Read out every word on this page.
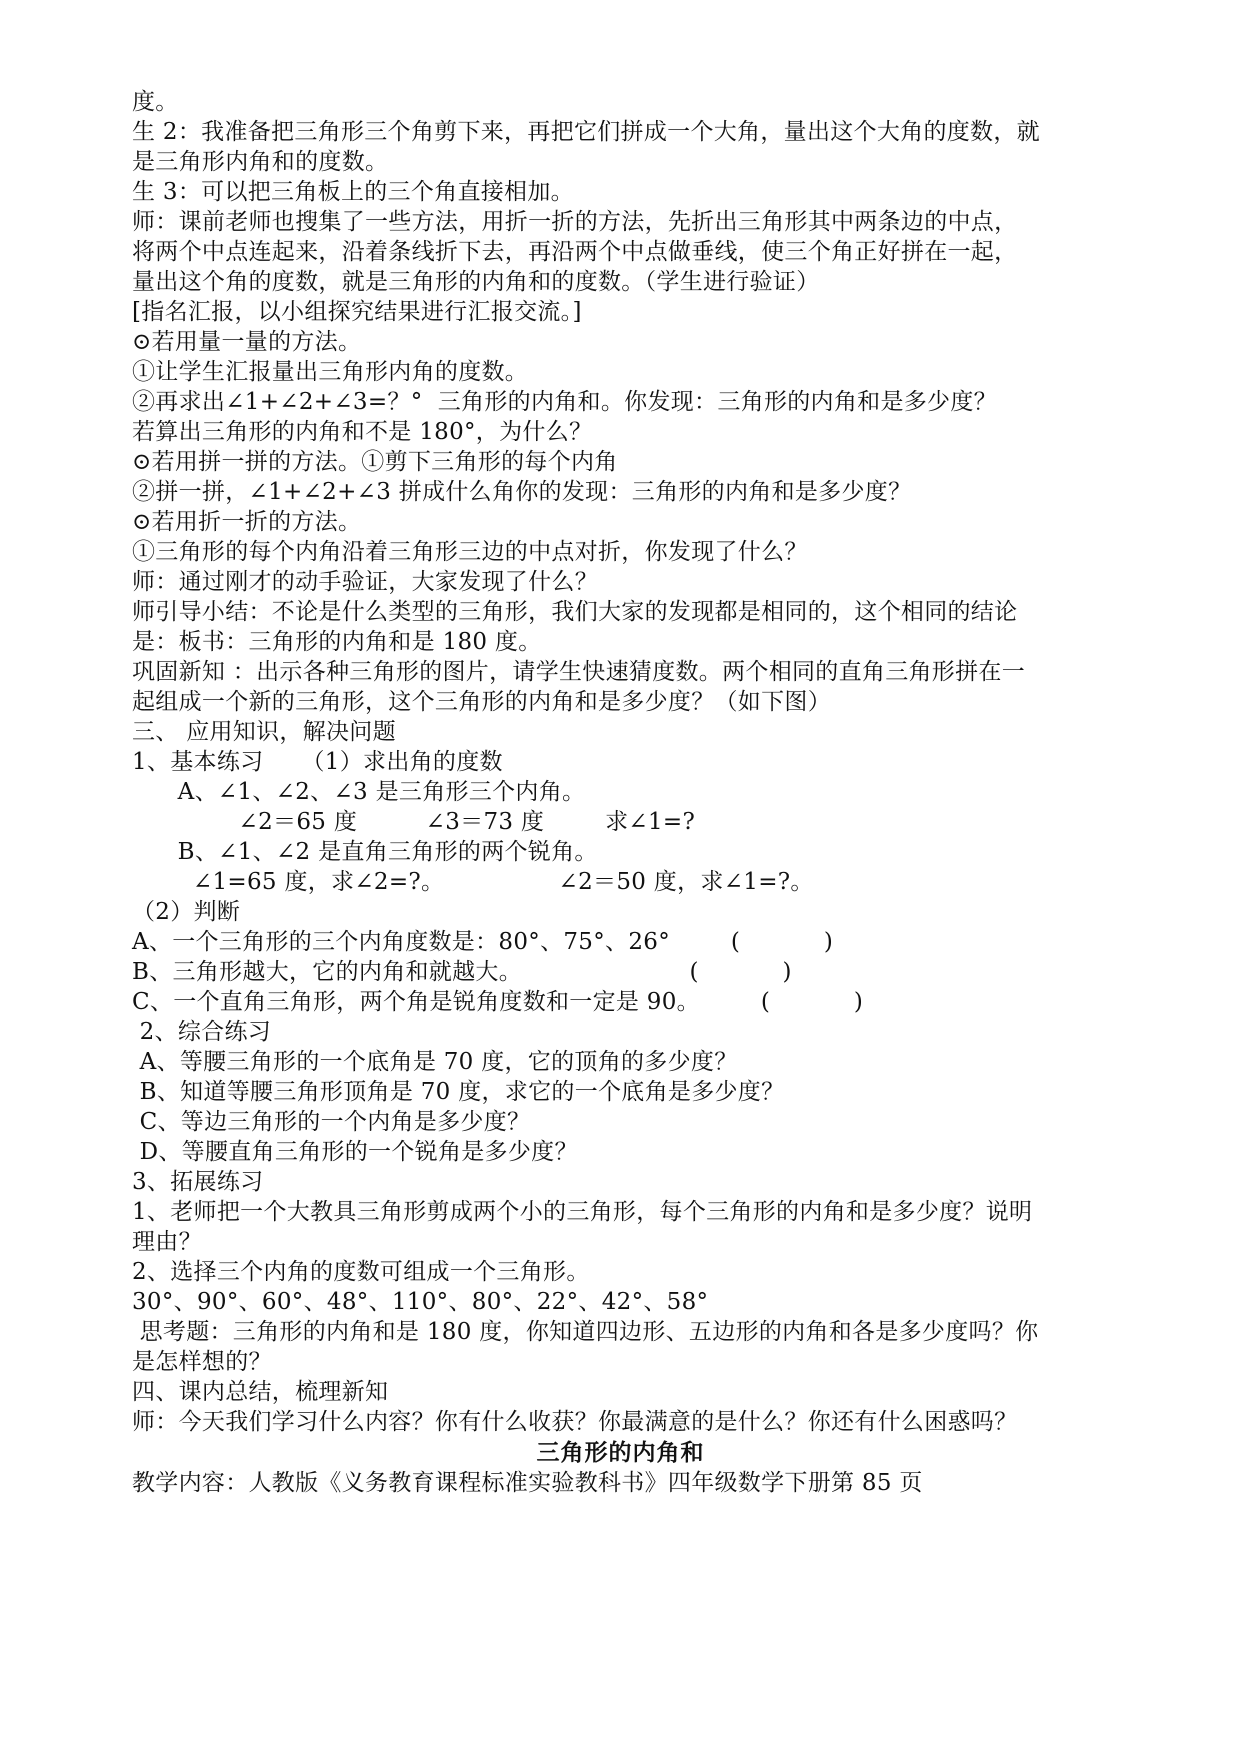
度。
生 2：我准备把三角形三个角剪下来，再把它们拼成一个大角，量出这个大角的度数，就
是三角形内角和的度数。
生 3：可以把三角板上的三个角直接相加。
师：课前老师也搜集了一些方法，用折一折的方法，先折出三角形其中两条边的中点，
将两个中点连起来，沿着条线折下去，再沿两个中点做垂线，使三个角正好拼在一起，
量出这个角的度数，就是三角形的内角和的度数。（学生进行验证）
[指名汇报，以小组探究结果进行汇报交流。]
⊙若用量一量的方法。
①让学生汇报量出三角形内角的度数。
②再求出∠1+∠2+∠3=？°  三角形的内角和。你发现：三角形的内角和是多少度？
若算出三角形的内角和不是 180°，为什么？
⊙若用拼一拼的方法。①剪下三角形的每个内角
②拼一拼，∠1+∠2+∠3 拼成什么角你的发现：三角形的内角和是多少度？
⊙若用折一折的方法。
①三角形的每个内角沿着三角形三边的中点对折，你发现了什么？
师：通过刚才的动手验证，大家发现了什么？
师引导小结：不论是什么类型的三角形，我们大家的发现都是相同的，这个相同的结论
是：板书：三角形的内角和是 180 度。
巩固新知 ：出示各种三角形的图片，请学生快速猜度数。两个相同的直角三角形拼在一
起组成一个新的三角形，这个三角形的内角和是多少度？（如下图）
三、 应用知识，解决问题
1、基本练习     （1）求出角的度数
A、∠1、∠2、∠3 是三角形三个内角。
∠2＝65 度         ∠3＝73 度        求∠1=?
B、∠1、∠2 是直角三角形的两个锐角。
∠1=65 度，求∠2=?。               ∠2＝50 度，求∠1=?。
（2）判断
A、一个三角形的三个内角度数是：80°、75°、26°        (           )
B、三角形越大，它的内角和就越大。                      (           )
C、一个直角三角形，两个角是锐角度数和一定是 90。        (           )
2、综合练习
A、等腰三角形的一个底角是 70 度，它的顶角的多少度？
B、知道等腰三角形顶角是 70 度，求它的一个底角是多少度？
C、等边三角形的一个内角是多少度？
D、等腰直角三角形的一个锐角是多少度？
3、拓展练习
1、老师把一个大教具三角形剪成两个小的三角形，每个三角形的内角和是多少度？说明
理由？
2、选择三个内角的度数可组成一个三角形。
30°、90°、60°、48°、110°、80°、22°、42°、58°
思考题：三角形的内角和是 180 度，你知道四边形、五边形的内角和各是多少度吗？你
是怎样想的？
四、课内总结，梳理新知
师：今天我们学习什么内容？你有什么收获？你最满意的是什么？你还有什么困惑吗？
三角形的内角和
教学内容：人教版《义务教育课程标准实验教科书》四年级数学下册第 85 页
